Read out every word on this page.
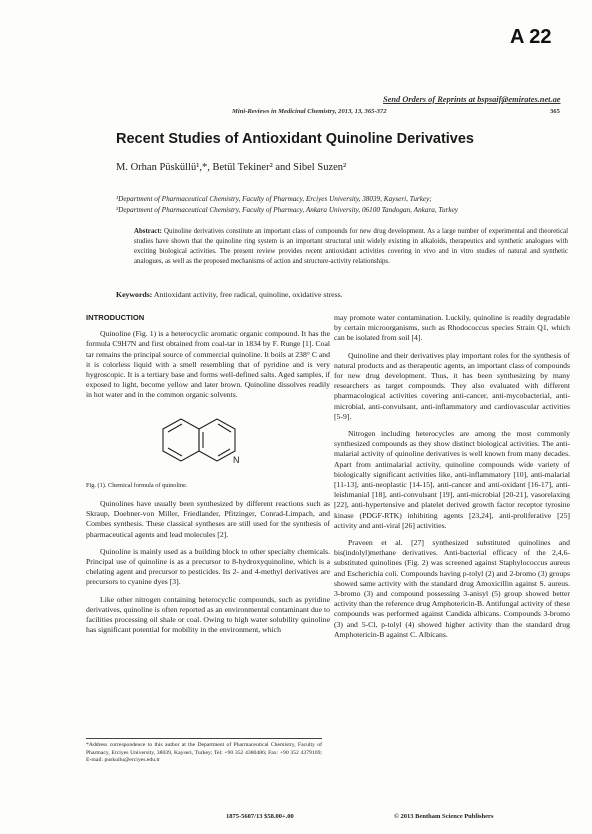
A 22
Send Orders of Reprints at bspsaif@emirates.net.ae
Mini-Reviews in Medicinal Chemistry, 2013, 13, 365-372	365
Recent Studies of Antioxidant Quinoline Derivatives
M. Orhan Püsküllü¹,*, Betül Tekiner² and Sibel Suzen²
¹Department of Pharmaceutical Chemistry, Faculty of Pharmacy, Erciyes University, 38039, Kayseri, Turkey;
²Department of Pharmaceutical Chemistry, Faculty of Pharmacy, Ankara University, 06100 Tandogan, Ankara, Turkey
Abstract: Quinoline derivatives constitute an important class of compounds for new drug development. As a large number of experimental and theoretical studies have shown that the quinoline ring system is an important structural unit widely existing in alkaloids, therapeutics and synthetic analogues with exciting biological activities. The present review provides recent antioxidant activities covering in vivo and in vitro studies of natural and synthetic analogues, as well as the proposed mechanisms of action and structure-activity relationships.
Keywords: Antioxidant activity, free radical, quinoline, oxidative stress.
INTRODUCTION

Quinoline (Fig. 1) is a heterocyclic aromatic organic compound. It has the formula C9H7N and first obtained from coal-tar in 1834 by F. Runge [1]. Coal tar remains the principal source of commercial quinoline. It boils at 238° C and it is colorless liquid with a smell resembling that of pyridine and is very hygroscopic. It is a tertiary base and forms well-defined salts. Aged samples, if exposed to light, become yellow and later brown. Quinoline dissolves readily in hot water and in the common organic solvents.

N
Fig. (1). Chemical formula of quinoline.

Quinolines have usually been synthesized by different reactions such as Skraup, Doebner-von Miller, Friedlander, Pfitzinger, Conrad-Limpach, and Combes synthesis. These classical syntheses are still used for the synthesis of pharmaceutical agents and lead molecules [2].

Quinoline is mainly used as a building block to other specialty chemicals. Principal use of quinoline is as a precursor to 8-hydroxyquinoline, which is a chelating agent and precursor to pesticides. Its 2- and 4-methyl derivatives are precursors to cyanine dyes [3].

Like other nitrogen containing heterocyclic compounds, such as pyridine derivatives, quinoline is often reported as an environmental contaminant due to facilities processing oil shale or coal. Owing to high water solubility quinoline has significant potential for mobility in the environment, which

*Address correspondence to this author at the Department of Pharmaceutical Chemistry, Faculty of Pharmacy, Erciyes University, 38039, Kayseri, Turkey; Tel: +90 352 4380486; Fax: +90 352 4379169; E-mail: puskullu@erciyes.edu.tr

may promote water contamination. Luckily, quinoline is readily degradable by certain microorganisms, such as Rhodococcus species Strain Q1, which can be isolated from soil [4].

Quinoline and their derivatives play important roles for the synthesis of natural products and as therapeutic agents, an important class of compounds for new drug development. Thus, it has been synthesizing by many researchers as target compounds. They also evaluated with different pharmacological activities covering anti-cancer, anti-mycobacterial, anti-microbial, anti-convulsant, anti-inflammatory and cardiovascular activities [5-9].

Nitrogen including heterocycles are among the most commonly synthesized compounds as they show distinct biological activities. The anti-malarial activity of quinoline derivatives is well known from many decades. Apart from antimalarial activity, quinoline compounds wide variety of biologically significant activities like, anti-inflammatory [10], anti-malarial [11-13], anti-neoplastic [14-15], anti-cancer and anti-oxidant [16-17], anti-leishmanial [18], anti-convulsant [19], anti-microbial [20-21], vasorelaxing [22], anti-hypertensive and platelet derived growth factor receptor tyrosine kinase (PDGF-RTK) inhibiting agents [23,24], anti-proliferative [25] activity and anti-viral [26] activities.

Praveen et al. [27] synthesized substituted quinolines and bis(indolyl)methane derivatives. Anti-bacterial efficacy of the 2,4,6-substituted quinolines (Fig. 2) was screened against Staphylococcus aureus and Escherichia coli. Compounds having p-tolyl (2) and 2-bromo (3) groups showed same activity with the standard drug Amoxicillin against S. aureus. 3-bromo (3) and compound possessing 3-anisyl (5) group showed better activity than the reference drug Amphotericin-B. Antifungal activity of these compounds was performed against Candida albicans. Compounds 3-bromo (3) and 5-Cl, p-tolyl (4) showed higher activity than the standard drug Amphotericin-B against C. Albicans.

1875-5607/13 $58.00+.00	© 2013 Bentham Science Publishers
